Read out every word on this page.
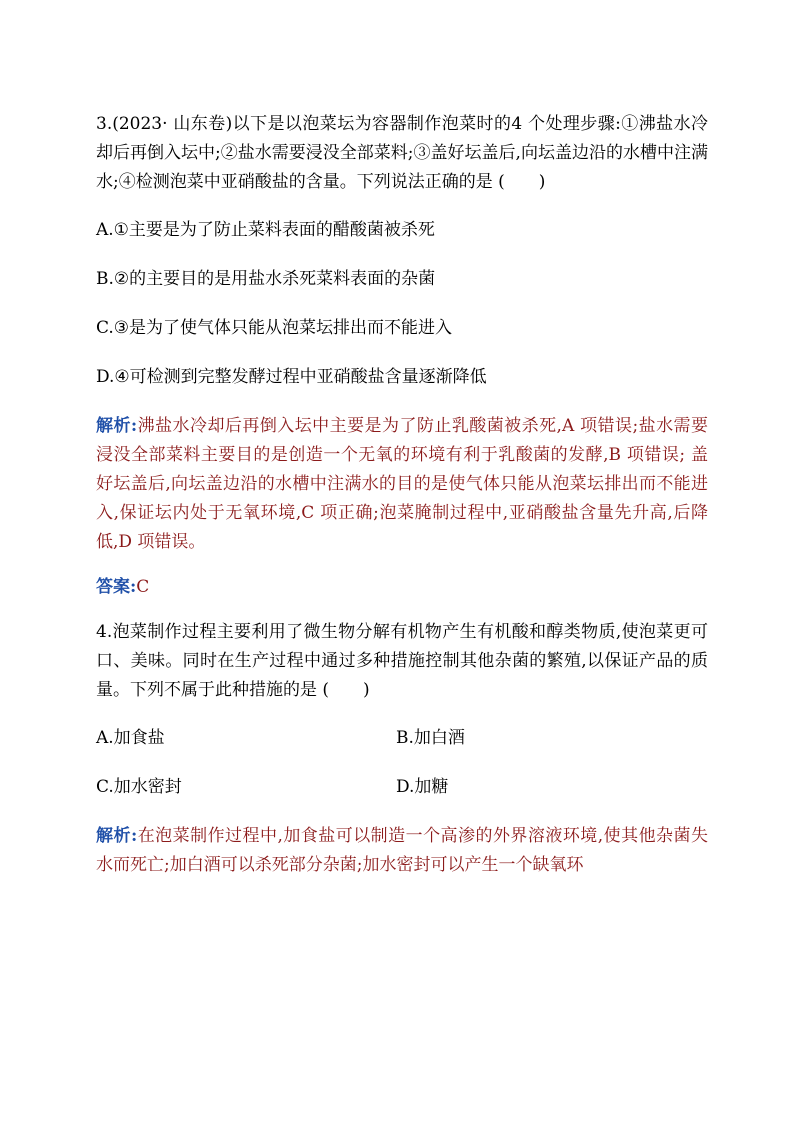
3.(2023· 山东卷)以下是以泡菜坛为容器制作泡菜时的4 个处理步骤:①沸盐水冷却后再倒入坛中;②盐水需要浸没全部菜料;③盖好坛盖后,向坛盖边沿的水槽中注满水;④检测泡菜中亚硝酸盐的含量。下列说法正确的是 (　　)

A.①主要是为了防止菜料表面的醋酸菌被杀死

B.②的主要目的是用盐水杀死菜料表面的杂菌

C.③是为了使气体只能从泡菜坛排出而不能进入

D.④可检测到完整发酵过程中亚硝酸盐含量逐渐降低

解析:沸盐水冷却后再倒入坛中主要是为了防止乳酸菌被杀死,A 项错误;盐水需要浸没全部菜料主要目的是创造一个无氧的环境有利于乳酸菌的发酵,B 项错误; 盖好坛盖后,向坛盖边沿的水槽中注满水的目的是使气体只能从泡菜坛排出而不能进入,保证坛内处于无氧环境,C 项正确;泡菜腌制过程中,亚硝酸盐含量先升高,后降低,D 项错误。

答案:C

4.泡菜制作过程主要利用了微生物分解有机物产生有机酸和醇类物质,使泡菜更可口、美味。同时在生产过程中通过多种措施控制其他杂菌的繁殖,以保证产品的质量。下列不属于此种措施的是 (　　)

A.加食盐	B.加白酒
C.加水密封	D.加糖

解析:在泡菜制作过程中,加食盐可以制造一个高渗的外界溶液环境,使其他杂菌失水而死亡;加白酒可以杀死部分杂菌;加水密封可以产生一个缺氧环
